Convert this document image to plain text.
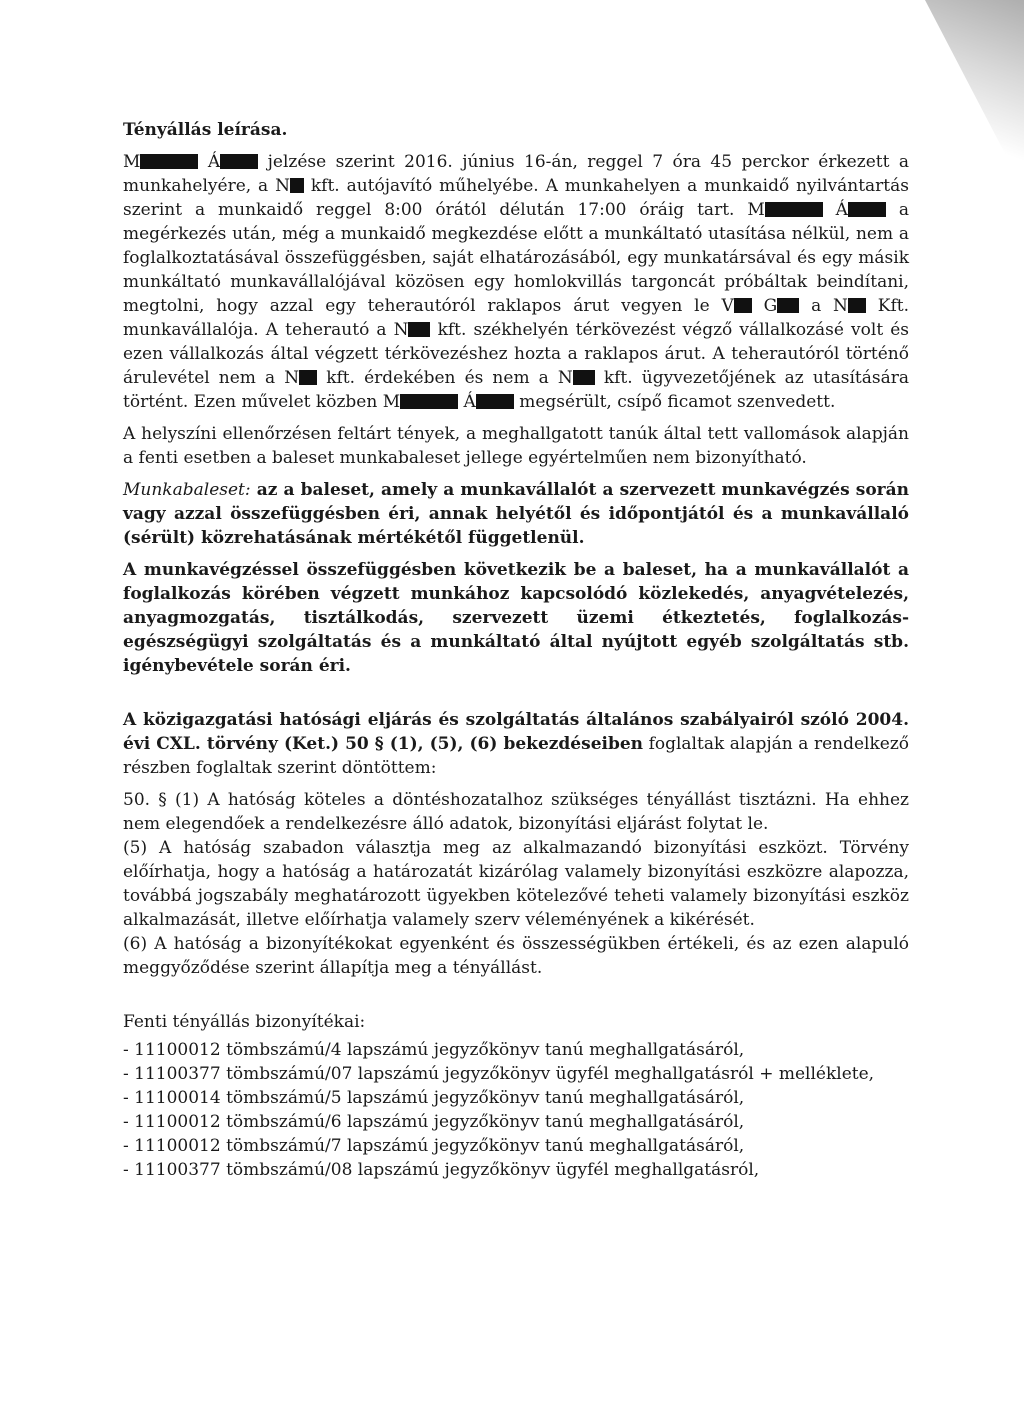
Tényállás leírása.

M	Á	jelzése szerint 2016. június 16-án, reggel 7 óra 45 perckor érkezett a munkahelyére, a N kft. autójavító műhelyébe. A munkahelyen a munkaidő nyilvántartás szerint a munkaidő reggel 8:00 órától délután 17:00 óráig tart. M	Á	a megérkezés után, még a munkaidő megkezdése előtt a munkáltató utasítása nélkül, nem a foglalkoztatásával összefüggésben, saját elhatározásából, egy munkatársával és egy másik munkáltató munkavállalójával közösen egy homlokvillás targoncát próbáltak beindítani, megtolni, hogy azzal egy teherautóról raklapos árut vegyen le V G a N Kft. munkavállalója. A teherautó a N kft. székhelyén térkövezést végző vállalkozásé volt és ezen vállalkozás által végzett térkövezéshez hozta a raklapos árut. A teherautóról történő árulevétel nem a N kft. érdekében és nem a N kft. ügyvezetőjének az utasítására történt. Ezen művelet közben M	Á	megsérült, csípő ficamot szenvedett.

A helyszíni ellenőrzésen feltárt tények, a meghallgatott tanúk által tett vallomások alapján a fenti esetben a baleset munkabaleset jellege egyértelműen nem bizonyítható.

Munkabaleset: az a baleset, amely a munkavállalót a szervezett munkavégzés során vagy azzal összefüggésben éri, annak helyétől és időpontjától és a munkavállaló (sérült) közrehatásának mértékétől függetlenül.

A munkavégzéssel összefüggésben következik be a baleset, ha a munkavállalót a foglalkozás körében végzett munkához kapcsolódó közlekedés, anyagvételezés, anyagmozgatás, tisztálkodás, szervezett üzemi étkeztetés, foglalkozás-egészségügyi szolgáltatás és a munkáltató által nyújtott egyéb szolgáltatás stb. igénybevétele során éri.

A közigazgatási hatósági eljárás és szolgáltatás általános szabályairól szóló 2004. évi CXL. törvény (Ket.) 50 § (1), (5), (6) bekezdéseiben foglaltak alapján a rendelkező részben foglaltak szerint döntöttem:

50. § (1) A hatóság köteles a döntéshozatalhoz szükséges tényállást tisztázni. Ha ehhez nem elegendőek a rendelkezésre álló adatok, bizonyítási eljárást folytat le.

(5) A hatóság szabadon választja meg az alkalmazandó bizonyítási eszközt. Törvény előírhatja, hogy a hatóság a határozatát kizárólag valamely bizonyítási eszközre alapozza, továbbá jogszabály meghatározott ügyekben kötelezővé teheti valamely bizonyítási eszköz alkalmazását, illetve előírhatja valamely szerv véleményének a kikérését.

(6) A hatóság a bizonyítékokat egyenként és összességükben értékeli, és az ezen alapuló meggyőződése szerint állapítja meg a tényállást.

Fenti tényállás bizonyítékai:

- 11100012 tömbszámú/4 lapszámú jegyzőkönyv tanú meghallgatásáról,
- 11100377 tömbszámú/07 lapszámú jegyzőkönyv ügyfél meghallgatásról + melléklete,
- 11100014 tömbszámú/5 lapszámú jegyzőkönyv tanú meghallgatásáról,
- 11100012 tömbszámú/6 lapszámú jegyzőkönyv tanú meghallgatásáról,
- 11100012 tömbszámú/7 lapszámú jegyzőkönyv tanú meghallgatásáról,
- 11100377 tömbszámú/08 lapszámú jegyzőkönyv ügyfél meghallgatásról,
